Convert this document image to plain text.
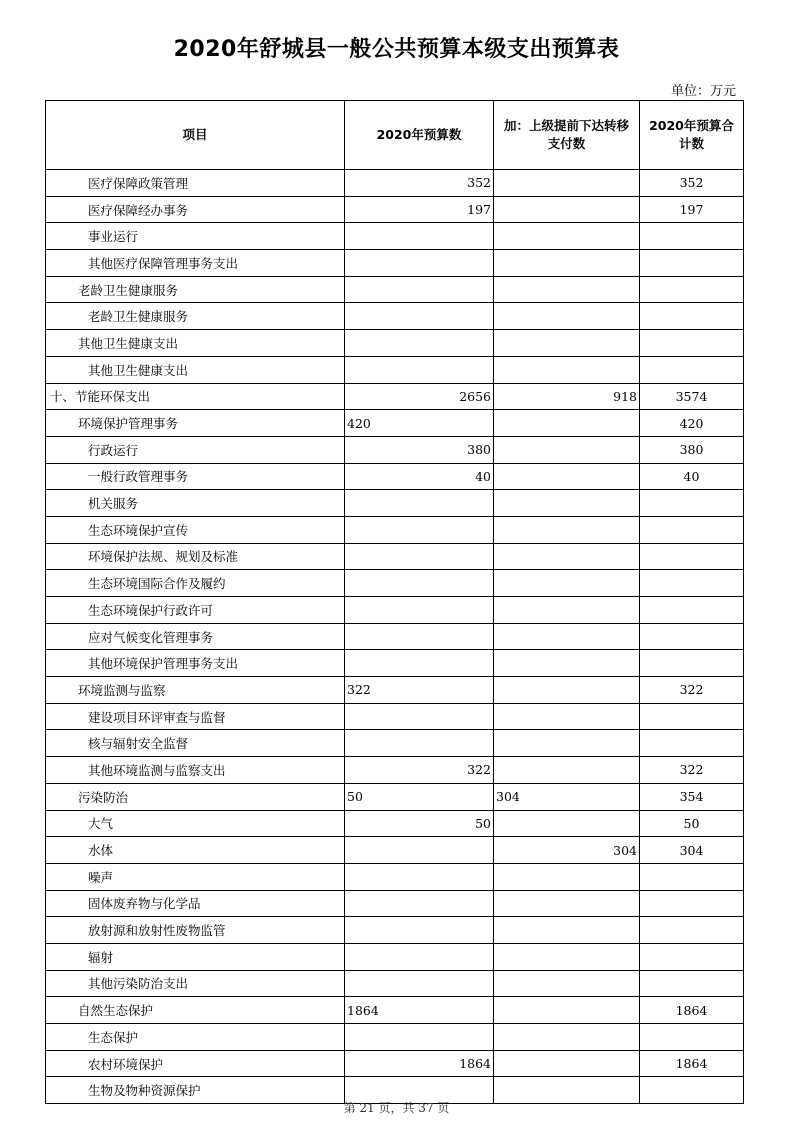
2020年舒城县一般公共预算本级支出预算表
单位：万元
项目	2020年预算数	加：上级提前下达转移支付数	2020年预算合计数
医疗保障政策管理	352		352
医疗保障经办事务	197		197
事业运行			
其他医疗保障管理事务支出			
老龄卫生健康服务			
老龄卫生健康服务			
其他卫生健康支出			
其他卫生健康支出			
十、节能环保支出	2656	918	3574
环境保护管理事务	420		420
行政运行	380		380
一般行政管理事务	40		40
机关服务			
生态环境保护宣传			
环境保护法规、规划及标准			
生态环境国际合作及履约			
生态环境保护行政许可			
应对气候变化管理事务			
其他环境保护管理事务支出			
环境监测与监察	322		322
建设项目环评审查与监督			
核与辐射安全监督			
其他环境监测与监察支出	322		322
污染防治	50	304	354
大气	50		50
水体		304	304
噪声			
固体废弃物与化学品			
放射源和放射性废物监管			
辐射			
其他污染防治支出			
自然生态保护	1864		1864
生态保护			
农村环境保护	1864		1864
生物及物种资源保护			
第 21 页，共 37 页
